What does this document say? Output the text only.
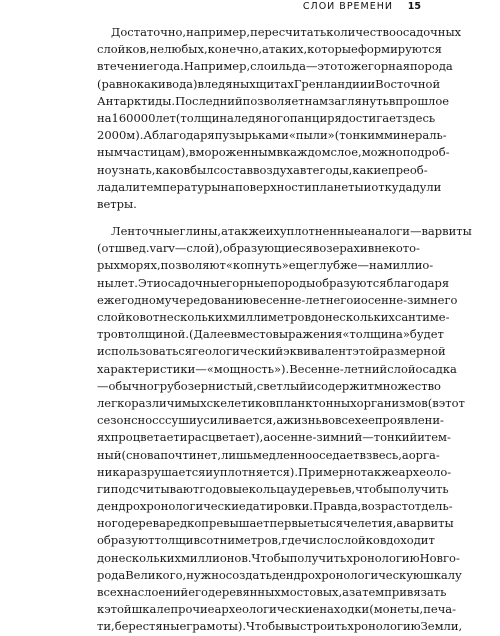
СЛОИ ВРЕМЕНИ 15
Достаточно, например, пересчитать количество осадочных
слойков, не любых, конечно, а таких, которые формируются
в течение года. Например, слои льда — это тоже горная порода
(равно как и вода) в ледяных щитах Гренландии и Восточной
Антарктиды. Последний позволяет нам заглянуть в прошлое
на 160 000 лет (толщина ледяного панциря достигает здесь
2000 м). А благодаря пузырькам и «пыли» (тонким минераль-
ным частицам), вмороженным в каждом слое, можно подроб-
но узнать, каков был состав воздуха в те годы, какие преоб-
ладали температуры на поверхности планеты и откуда дули
ветры.
Ленточные глины, а также их уплотненные аналоги — варвиты
(от швед. varv — слой), образующиеся в озерах и в некото-
рых морях, позволяют «копнуть» еще глубже — на миллио-
ны лет. Эти осадочные горные породы образуются благодаря
ежегодному чередованию весенне-летнего и осенне-зимнего
слойков от нескольких миллиметров до нескольких сантиме-
тров толщиной. (Далее вместо выражения «толщина» будет
использоваться геологический эквивалент этой размерной
характеристики — «мощность»). Весенне-летний слой осадка
— обычно грубозернистый, светлый и содержит множество
легко различимых скелетиков планктонных организмов (в этот
сезон снос с суши усиливается, а жизнь во всех ее проявлени-
ях процветает и расцветает), а осенне-зимний — тонкий и тем-
ный (снова почти нет, лишь медленно оседает взвесь, а орга-
ника разрушается и уплотняется). Примерно также археоло-
ги подсчитывают годовые кольца у деревьев, чтобы получить
дендрохронологические датировки. Правда, возраст отдель-
ного дерева редко превышает первые тысячелетия, а варвиты
образуют толщи в сотни метров, где число слойков доходит
до нескольких миллионов. Чтобы получить хронологию Новго-
рода Великого, нужно создать дендрохронологическую шкалу
всех наслоений его деревянных мостовых, а затем привязать
к этой шкале прочие археологические находки (монеты, печа-
ти, берестяные грамоты). Чтобы выстроить хронологию Земли,
